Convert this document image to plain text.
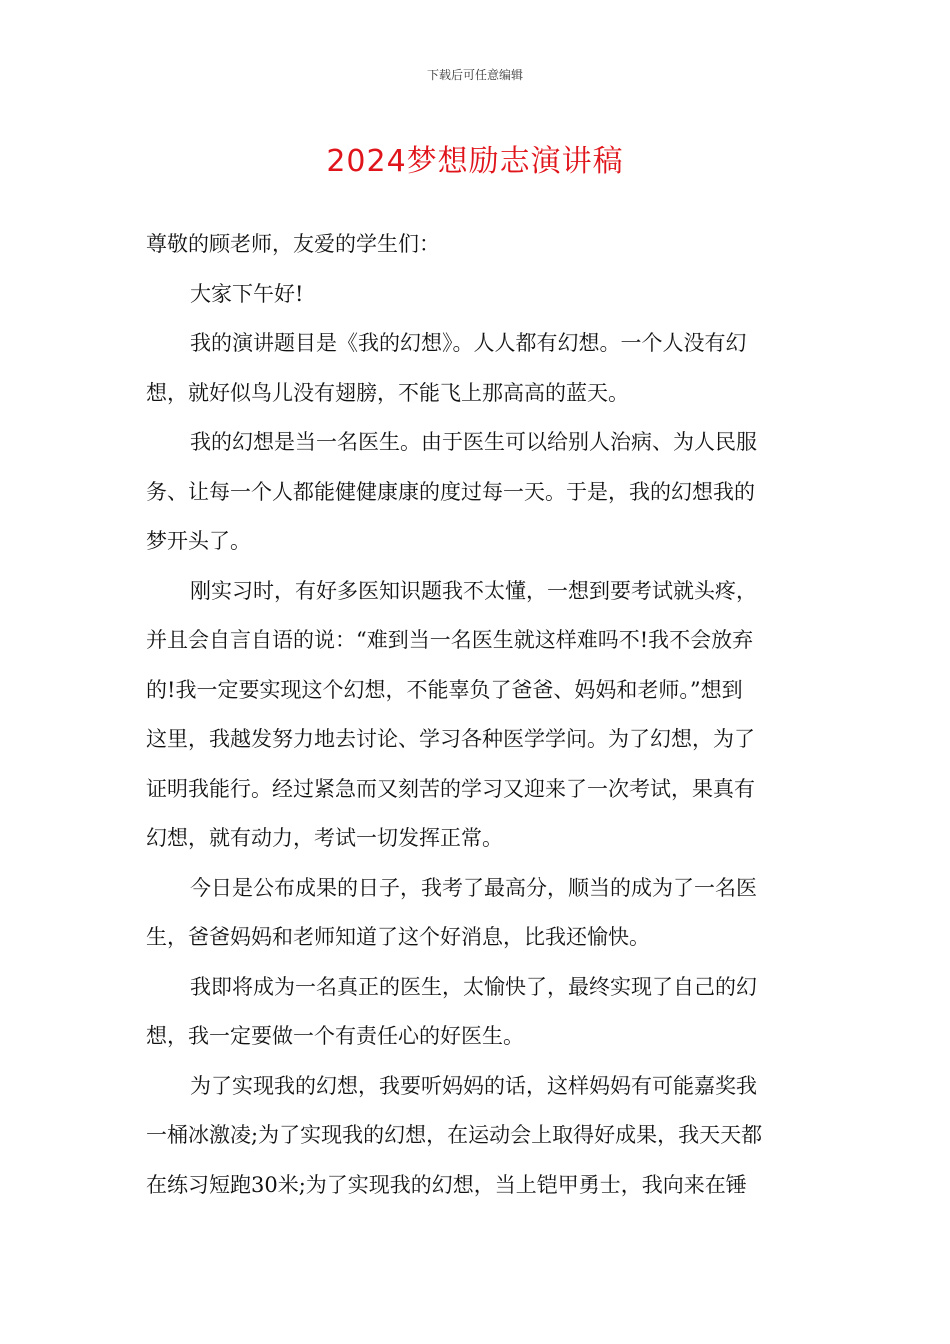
下载后可任意编辑
2024梦想励志演讲稿
尊敬的顾老师，友爱的学生们：
大家下午好!
我的演讲题目是《我的幻想》。人人都有幻想。一个人没有幻
想，就好似鸟儿没有翅膀，不能飞上那高高的蓝天。
我的幻想是当一名医生。由于医生可以给别人治病、为人民服
务、让每一个人都能健健康康的度过每一天。于是，我的幻想我的
梦开头了。
刚实习时，有好多医知识题我不太懂，一想到要考试就头疼，
并且会自言自语的说：“难到当一名医生就这样难吗不!我不会放弃
的!我一定要实现这个幻想，不能辜负了爸爸、妈妈和老师。”想到
这里，我越发努力地去讨论、学习各种医学学问。为了幻想，为了
证明我能行。经过紧急而又刻苦的学习又迎来了一次考试，果真有
幻想，就有动力，考试一切发挥正常。
今日是公布成果的日子，我考了最高分，顺当的成为了一名医
生，爸爸妈妈和老师知道了这个好消息，比我还愉快。
我即将成为一名真正的医生，太愉快了，最终实现了自己的幻
想，我一定要做一个有责任心的好医生。
为了实现我的幻想，我要听妈妈的话，这样妈妈有可能嘉奖我
一桶冰激凌;为了实现我的幻想，在运动会上取得好成果，我天天都
在练习短跑30米;为了实现我的幻想，当上铠甲勇士，我向来在锤
